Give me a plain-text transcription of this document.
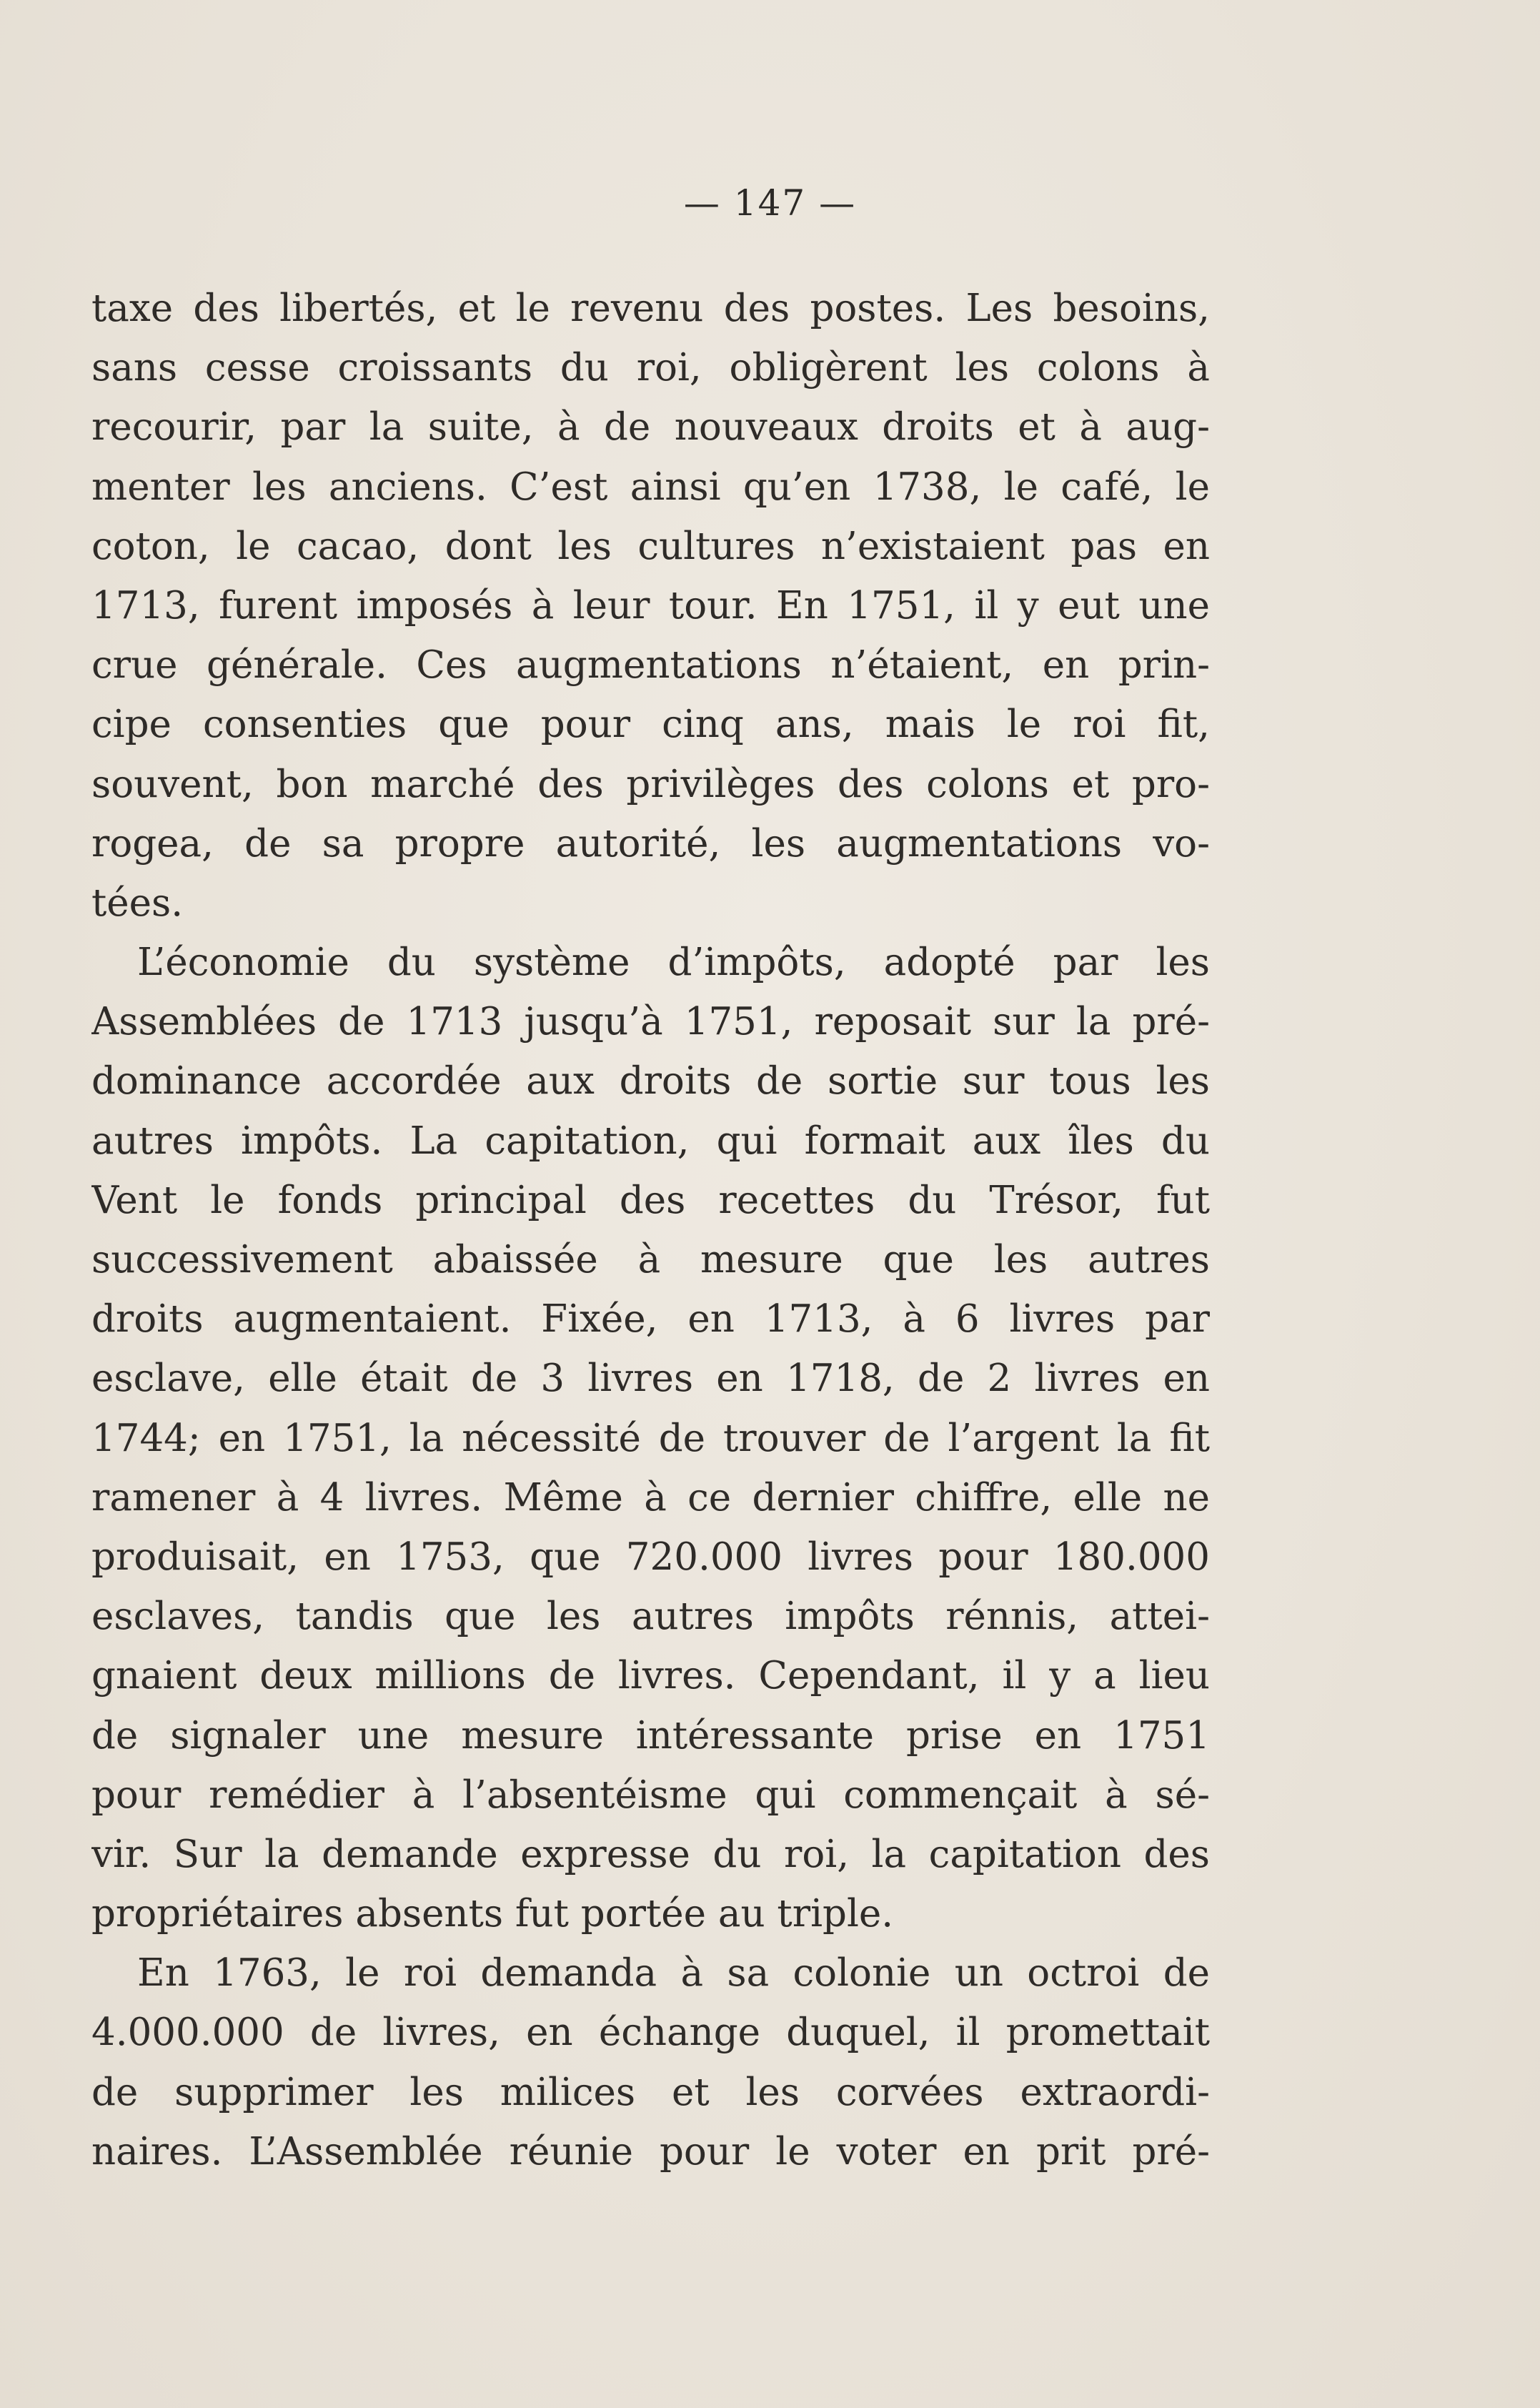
— 147 —
taxe des libertés, et le revenu des postes. Les besoins,
sans cesse croissants du roi, obligèrent les colons à
recourir, par la suite, à de nouveaux droits et à aug-
menter les anciens. C’est ainsi qu’en 1738, le café, le
coton, le cacao, dont les cultures n’existaient pas en
1713, furent imposés à leur tour. En 1751, il y eut une
crue générale. Ces augmentations n’étaient, en prin-
cipe consenties que pour cinq ans, mais le roi fit,
souvent, bon marché des privilèges des colons et pro-
rogea, de sa propre autorité, les augmentations vo-
tées.
L’économie du système d’impôts, adopté par les
Assemblées de 1713 jusqu’à 1751, reposait sur la pré-
dominance accordée aux droits de sortie sur tous les
autres impôts. La capitation, qui formait aux îles du
Vent le fonds principal des recettes du Trésor, fut
successivement abaissée à mesure que les autres
droits augmentaient. Fixée, en 1713, à 6 livres par
esclave, elle était de 3 livres en 1718, de 2 livres en
1744; en 1751, la nécessité de trouver de l’argent la fit
ramener à 4 livres. Même à ce dernier chiffre, elle ne
produisait, en 1753, que 720.000 livres pour 180.000
esclaves, tandis que les autres impôts rénnis, attei-
gnaient deux millions de livres. Cependant, il y a lieu
de signaler une mesure intéressante prise en 1751
pour remédier à l’absentéisme qui commençait à sé-
vir. Sur la demande expresse du roi, la capitation des
propriétaires absents fut portée au triple.
En 1763, le roi demanda à sa colonie un octroi de
4.000.000 de livres, en échange duquel, il promettait
de supprimer les milices et les corvées extraordi-
naires. L’Assemblée réunie pour le voter en prit pré-
